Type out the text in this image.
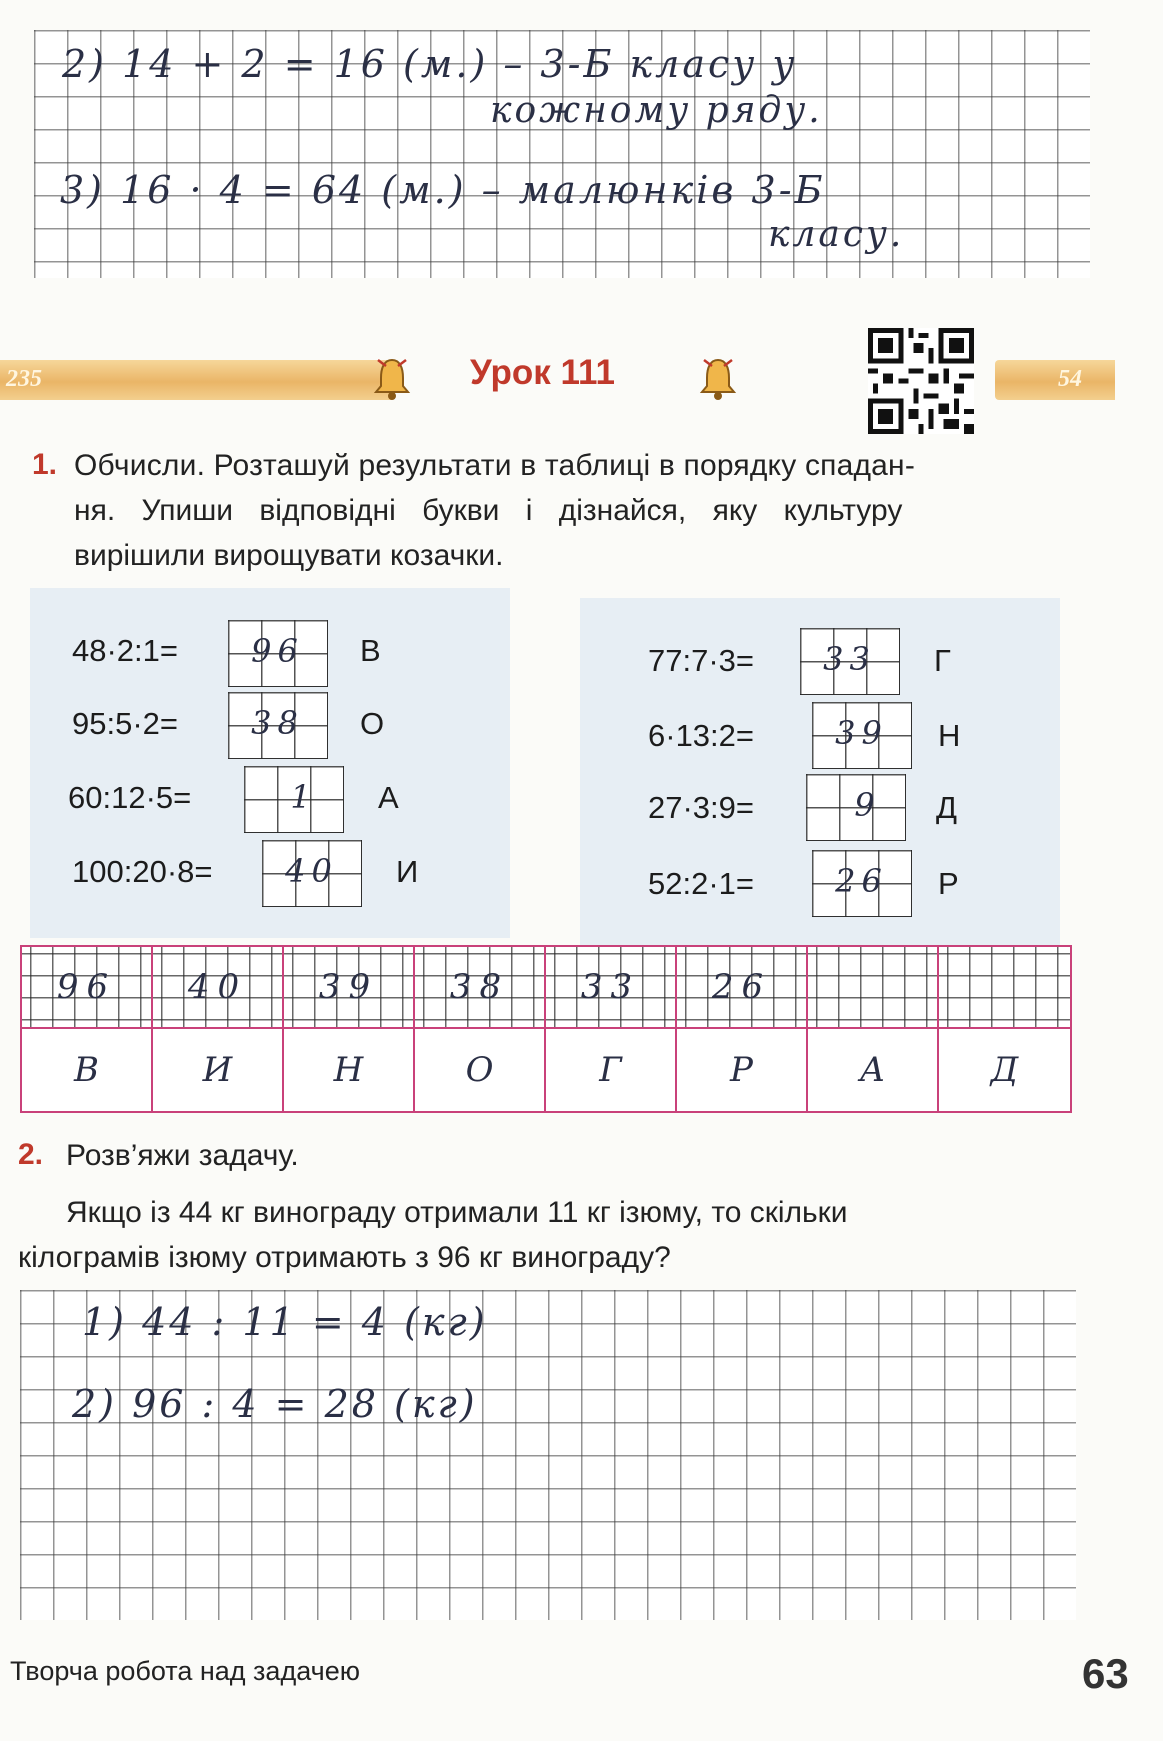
2) 14 + 2 = 16 (м.) – 3-Б класу у
кожному ряду.
3) 16 · 4 = 64 (м.) – малюнків 3-Б
класу.
235	54
Урок 111
1. Обчисли. Розташуй результати в таблиці в порядку спадан-
ня. Упиши відповідні букви і дізнайся, яку культуру
вирішили вирощувати козачки.
48·2:1=	96	В
95:5·2=	38	О
60:12·5=	1	А
100:20·8=	40	И
77:7·3=	33	Г
6·13:2=	39	Н
27·3:9=	9	Д
52:2·1=	26	Р
96	40	39	38	33	26
В	И	Н	О	Г	Р	А	Д
2. Розв’яжи задачу.
Якщо із 44 кг винограду отримали 11 кг ізюму, то скільки
кілограмів ізюму отримають з 96 кг винограду?
1) 44 : 11 = 4 (кг)
2) 96 : 4 = 28 (кг)
Творча робота над задачею	63
